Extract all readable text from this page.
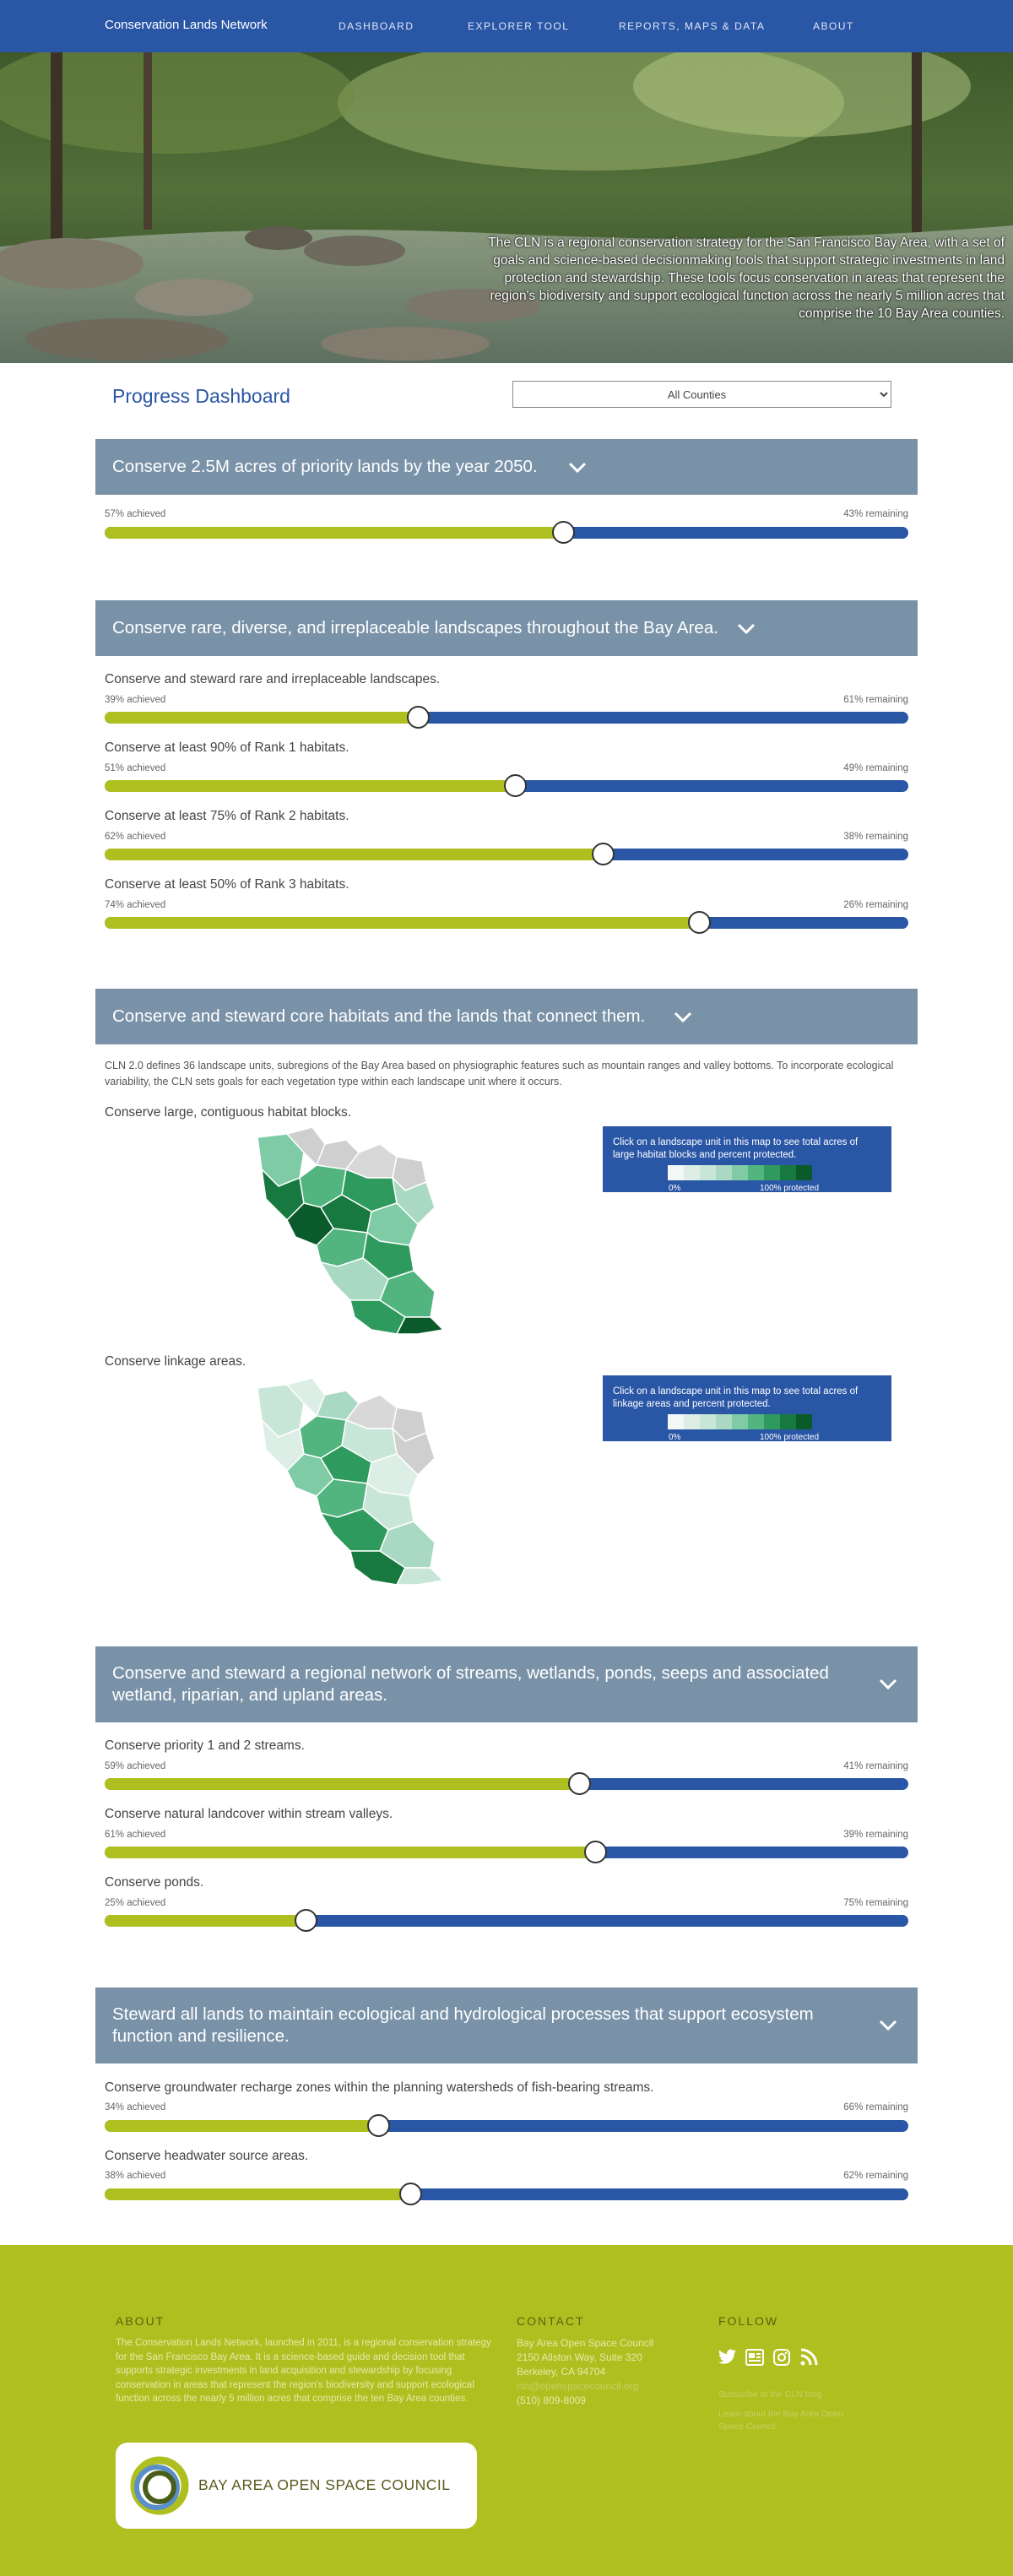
Conservation Lands Network	DASHBOARD	EXPLORER TOOL	REPORTS, MAPS & DATA	ABOUT
The CLN is a regional conservation strategy for the San Francisco Bay Area, with a set of goals and science-based decisionmaking tools that support strategic investments in land protection and stewardship. These tools focus conservation in areas that represent the region's biodiversity and support ecological function across the nearly 5 million acres that comprise the 10 Bay Area counties.
Progress Dashboard
All Counties
Conserve 2.5M acres of priority lands by the year 2050.
57% achieved	43% remaining
Conserve rare, diverse, and irreplaceable landscapes throughout the Bay Area.
Conserve and steward rare and irreplaceable landscapes.
39% achieved	61% remaining
Conserve at least 90% of Rank 1 habitats.
51% achieved	49% remaining
Conserve at least 75% of Rank 2 habitats.
62% achieved	38% remaining
Conserve at least 50% of Rank 3 habitats.
74% achieved	26% remaining
Conserve and steward core habitats and the lands that connect them.
CLN 2.0 defines 36 landscape units, subregions of the Bay Area based on physiographic features such as mountain ranges and valley bottoms. To incorporate ecological variability, the CLN sets goals for each vegetation type within each landscape unit where it occurs.
Conserve large, contiguous habitat blocks.
Click on a landscape unit in this map to see total acres of large habitat blocks and percent protected.
0%	100% protected
Conserve linkage areas.
Click on a landscape unit in this map to see total acres of linkage areas and percent protected.
0%	100% protected
Conserve and steward a regional network of streams, wetlands, ponds, seeps and associated wetland, riparian, and upland areas.
Conserve priority 1 and 2 streams.
59% achieved	41% remaining
Conserve natural landcover within stream valleys.
61% achieved	39% remaining
Conserve ponds.
25% achieved	75% remaining
Steward all lands to maintain ecological and hydrological processes that support ecosystem function and resilience.
Conserve groundwater recharge zones within the planning watersheds of fish-bearing streams.
34% achieved	66% remaining
Conserve headwater source areas.
38% achieved	62% remaining
ABOUT
The Conservation Lands Network, launched in 2011, is a regional conservation strategy for the San Francisco Bay Area. It is a science-based guide and decision tool that supports strategic investments in land acquisition and stewardship by focusing conservation in areas that represent the region's biodiversity and support ecological function across the nearly 5 million acres that comprise the ten Bay Area counties.
CONTACT
Bay Area Open Space Council
2150 Allston Way, Suite 320
Berkeley, CA 94704
cln@openspacecouncil.org
(510) 809-8009
FOLLOW
Subscribe to the CLN blog
Learn about the Bay Area Open Space Council
BAY AREA OPEN SPACE COUNCIL
